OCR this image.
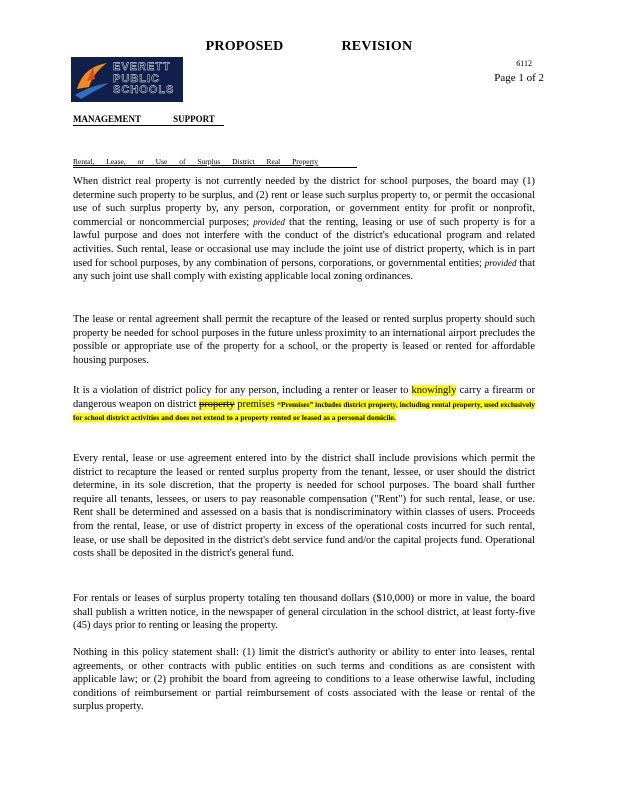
PROPOSED	REVISION
EVERETT
PUBLIC
SCHOOLS
6112
Page 1 of 2
MANAGEMENT SUPPORT
Rental, Lease, or Use of Surplus District Real Property
When district real property is not currently needed by the district for school purposes, the board may (1) determine such property to be surplus, and (2) rent or lease such surplus property to, or permit the occasional use of such surplus property by, any person, corporation, or government entity for profit or nonprofit, commercial or noncommercial purposes; provided that the renting, leasing or use of such property is for a lawful purpose and does not interfere with the conduct of the district's educational program and related activities. Such rental, lease or occasional use may include the joint use of district property, which is in part used for school purposes, by any combination of persons, corporations, or governmental entities; provided that any such joint use shall comply with existing applicable local zoning ordinances.
The lease or rental agreement shall permit the recapture of the leased or rented surplus property should such property be needed for school purposes in the future unless proximity to an international airport precludes the possible or appropriate use of the property for a school, or the property is leased or rented for affordable housing purposes.
It is a violation of district policy for any person, including a renter or leaser to knowingly carry a firearm or dangerous weapon on district property premises “Premises” includes district property, including rental property, used exclusively for school district activities and does not extend to a property rented or leased as a personal domicile.
Every rental, lease or use agreement entered into by the district shall include provisions which permit the district to recapture the leased or rented surplus property from the tenant, lessee, or user should the district determine, in its sole discretion, that the property is needed for school purposes. The board shall further require all tenants, lessees, or users to pay reasonable compensation ("Rent") for such rental, lease, or use. Rent shall be determined and assessed on a basis that is nondiscriminatory within classes of users. Proceeds from the rental, lease, or use of district property in excess of the operational costs incurred for such rental, lease, or use shall be deposited in the district's debt service fund and/or the capital projects fund. Operational costs shall be deposited in the district's general fund.
For rentals or leases of surplus property totaling ten thousand dollars ($10,000) or more in value, the board shall publish a written notice, in the newspaper of general circulation in the school district, at least forty-five (45) days prior to renting or leasing the property.
Nothing in this policy statement shall: (1) limit the district's authority or ability to enter into leases, rental agreements, or other contracts with public entities on such terms and conditions as are consistent with applicable law; or (2) prohibit the board from agreeing to conditions to a lease otherwise lawful, including conditions of reimbursement or partial reimbursement of costs associated with the lease or rental of the surplus property.
